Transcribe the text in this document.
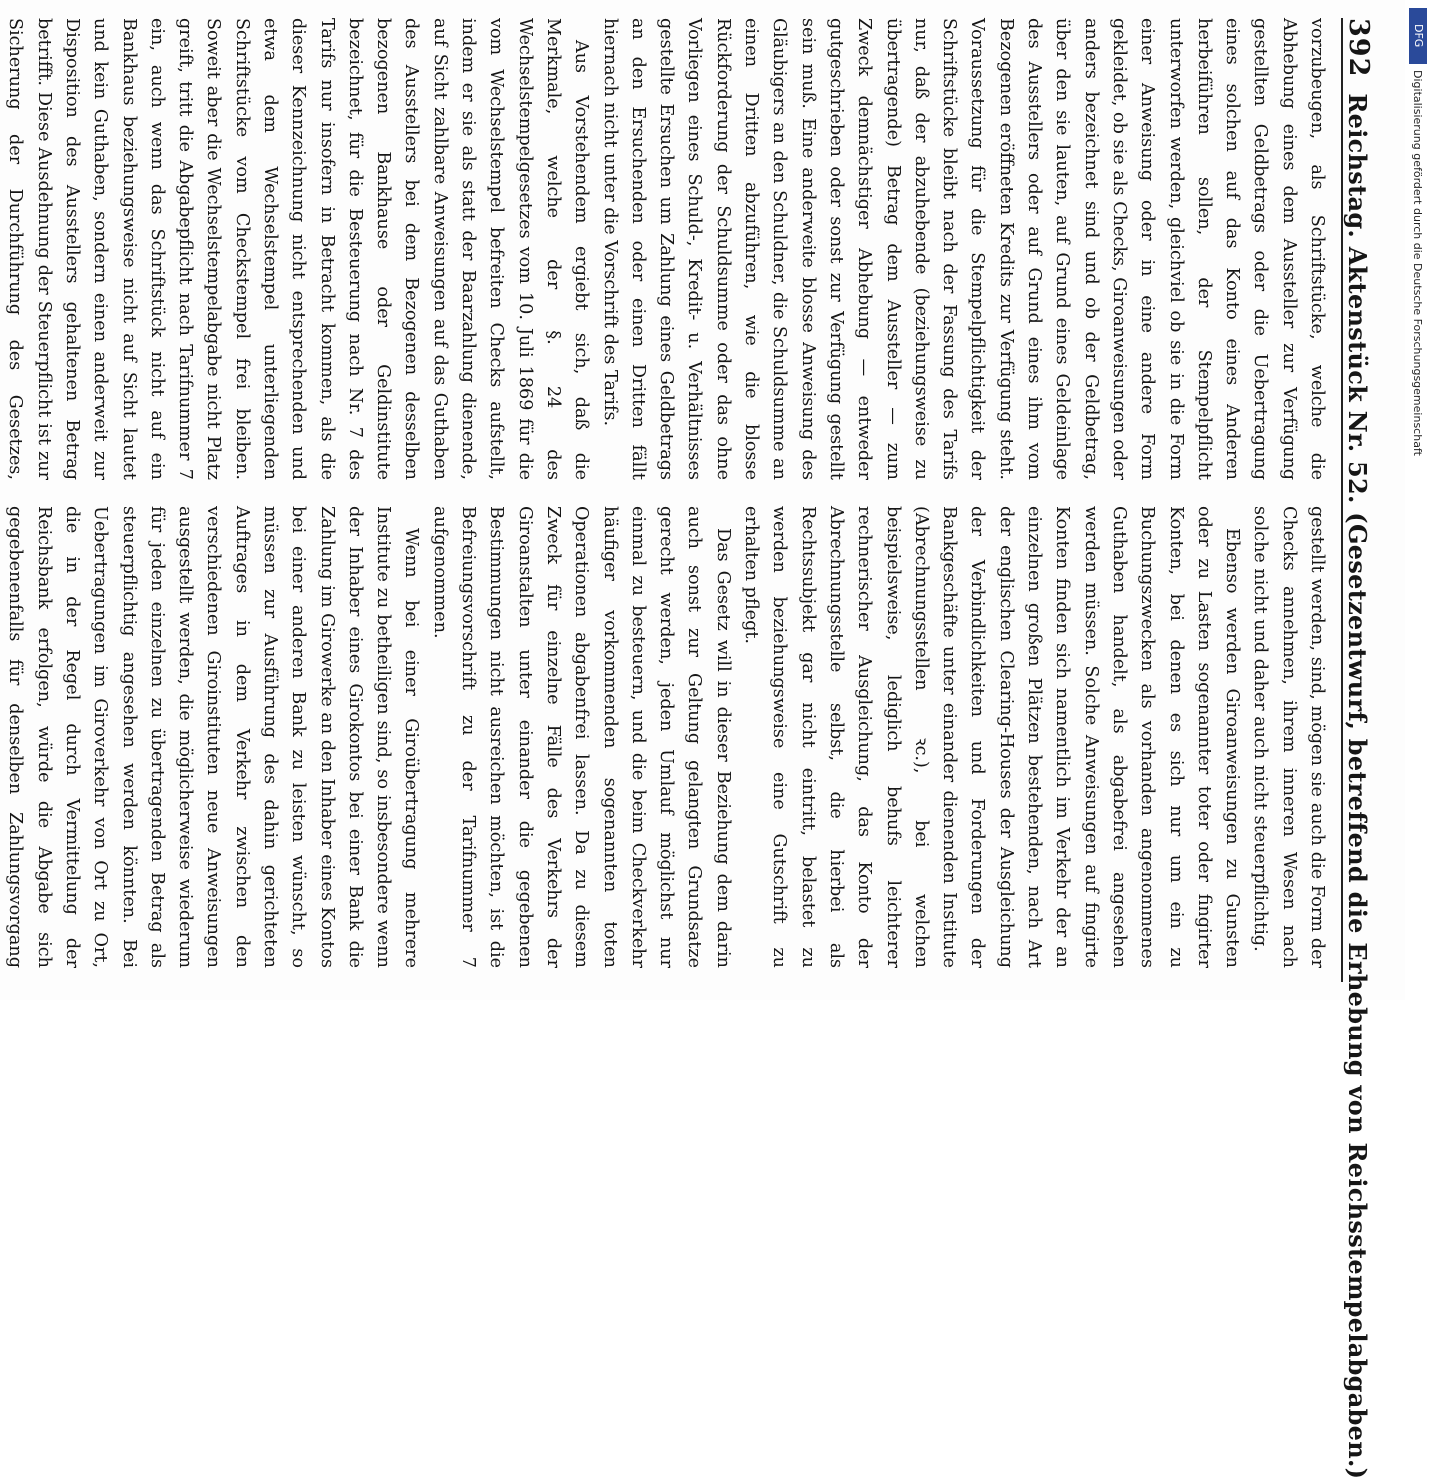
392
Reichstag. Aktenstück Nr. 52. (Gesetzentwurf, betreffend die Erhebung von Reichsstempelabgaben.)

vorzubeugen, als Schriftstücke, welche die Abhebung eines dem Aussteller zur Verfügung gestellten Geldbetrags oder die Uebertragung eines solchen auf das Konto eines Anderen herbeiführen sollen, der Stempelpflicht unterworfen werden, gleichviel ob sie in die Form einer Anweisung oder in eine andere Form gekleidet, ob sie als Checks, Giroanweisungen oder anders bezeichnet sind und ob der Geldbetrag, über den sie lauten, auf Grund eines Geldeinlage des Ausstellers oder auf Grund eines ihm vom Bezogenen eröffneten Kredits zur Verfügung steht. Voraussetzung für die Stempelpflichtigkeit der Schriftstücke bleibt nach der Fassung des Tarifs nur, daß der abzuhebende (beziehungsweise zu übertragende) Betrag dem Aussteller — zum Zweck demnächstiger Abhebung — entweder gutgeschrieben oder sonst zur Verfügung gestellt sein muß. Eine anderweite blosse Anweisung des Gläubigers an den Schuldner, die Schuldsumme an einen Dritten abzuführen, wie die blosse Rückforderung der Schuldsumme oder das ohne Vorliegen eines Schuld-, Kredit- u. Verhältnisses gestellte Ersuchen um Zahlung eines Geldbetrags an den Ersuchenden oder einen Dritten fällt hiernach nicht unter die Vorschrift des Tarifs.

Aus Vorstehendem ergiebt sich, daß die Merkmale, welche der §. 24 des Wechselstempelgesetzes vom 10. Juli 1869 für die vom Wechselstempel befreiten Checks aufstellt, indem er sie als statt der Baarzahlung dienende, auf Sicht zahlbare Anweisungen auf das Guthaben des Ausstellers bei dem Bezogenen desselben bezogenen Bankhause oder Geldinstitute bezeichnet, für die Besteuerung nach Nr. 7 des Tarifs nur insofern in Betracht kommen, als die dieser Kennzeichnung nicht entsprechenden und etwa dem Wechselstempel unterliegenden Schriftstücke vom Checkstempel frei bleiben. Soweit aber die Wechselstempelabgabe nicht Platz greift, tritt die Abgabepflicht nach Tarifnummer 7 ein, auch wenn das Schriftstück nicht auf ein Bankhaus beziehungsweise nicht auf Sicht lautet und kein Guthaben, sondern einen anderweit zur Disposition des Ausstellers gehaltenen Betrag betrifft. Diese Ausdehnung der Steuerpflicht ist zur Sicherung der Durchführung des Gesetzes,

gestellt werden, sind, mögen sie auch die Form der Checks annehmen, ihrem inneren Wesen nach solche nicht und daher auch nicht steuerpflichtig.

Ebenso werden Giroanweisungen zu Gunsten oder zu Lasten sogenannter toter oder fingirter Konten, bei denen es sich nur um ein zu Buchungszwecken als vorhanden angenommenes Guthaben handelt, als abgabefrei angesehen werden müssen. Solche Anweisungen auf fingirte Konten finden sich namentlich im Verkehr der an einzelnen großen Plätzen bestehenden, nach Art der englischen Clearing-Houses der Ausgleichung der Verbindlichkeiten und Forderungen der Bankgeschäfte unter einander dienenden Institute (Abrechnungsstellen ꝛc.), bei welchen beispielsweise, lediglich behufs leichterer rechnerischer Ausgleichung, das Konto der Abrechnungsstelle selbst, die hierbei als Rechtssubjekt gar nicht eintritt, belastet zu werden beziehungsweise eine Gutschrift zu erhalten pflegt.

Das Gesetz will in dieser Beziehung dem darin auch sonst zur Geltung gelangten Grundsatze gerecht werden, jeden Umlauf möglichst nur einmal zu besteuern, und die beim Checkverkehr häufiger vorkommenden sogenannten toten Operationen abgabenfrei lassen. Da zu diesem Zweck für einzelne Fälle des Verkehrs der Giroanstalten unter einander die gegebenen Bestimmungen nicht ausreichen möchten, ist die Befreiungsvorschrift zu der Tarifnummer 7 aufgenommen.

Wenn bei einer Giroübertragung mehrere Institute zu betheiligen sind, so insbesondere wenn der Inhaber eines Girokontos bei einer Bank die Zahlung im Girowerke an den Inhaber eines Kontos bei einer anderen Bank zu leisten wünscht, so müssen zur Ausführung des dahin gerichteten Auftrages in dem Verkehr zwischen den verschiedenen Giroinstituten neue Anweisungen ausgestellt werden, die möglicherweise wiederum für jeden einzelnen zu übertragenden Betrag als steuerpflichtig angesehen werden könnten. Bei Uebertragungen im Giroverkehr von Ort zu Ort, die in der Regel durch Vermittelung der Reichsbank erfolgen, würde die Abgabe sich gegebenenfalls für denselben Zahlungsvorgang

DFG
Digitalisierung gefördert durch die Deutsche Forschungsgemeinschaft
